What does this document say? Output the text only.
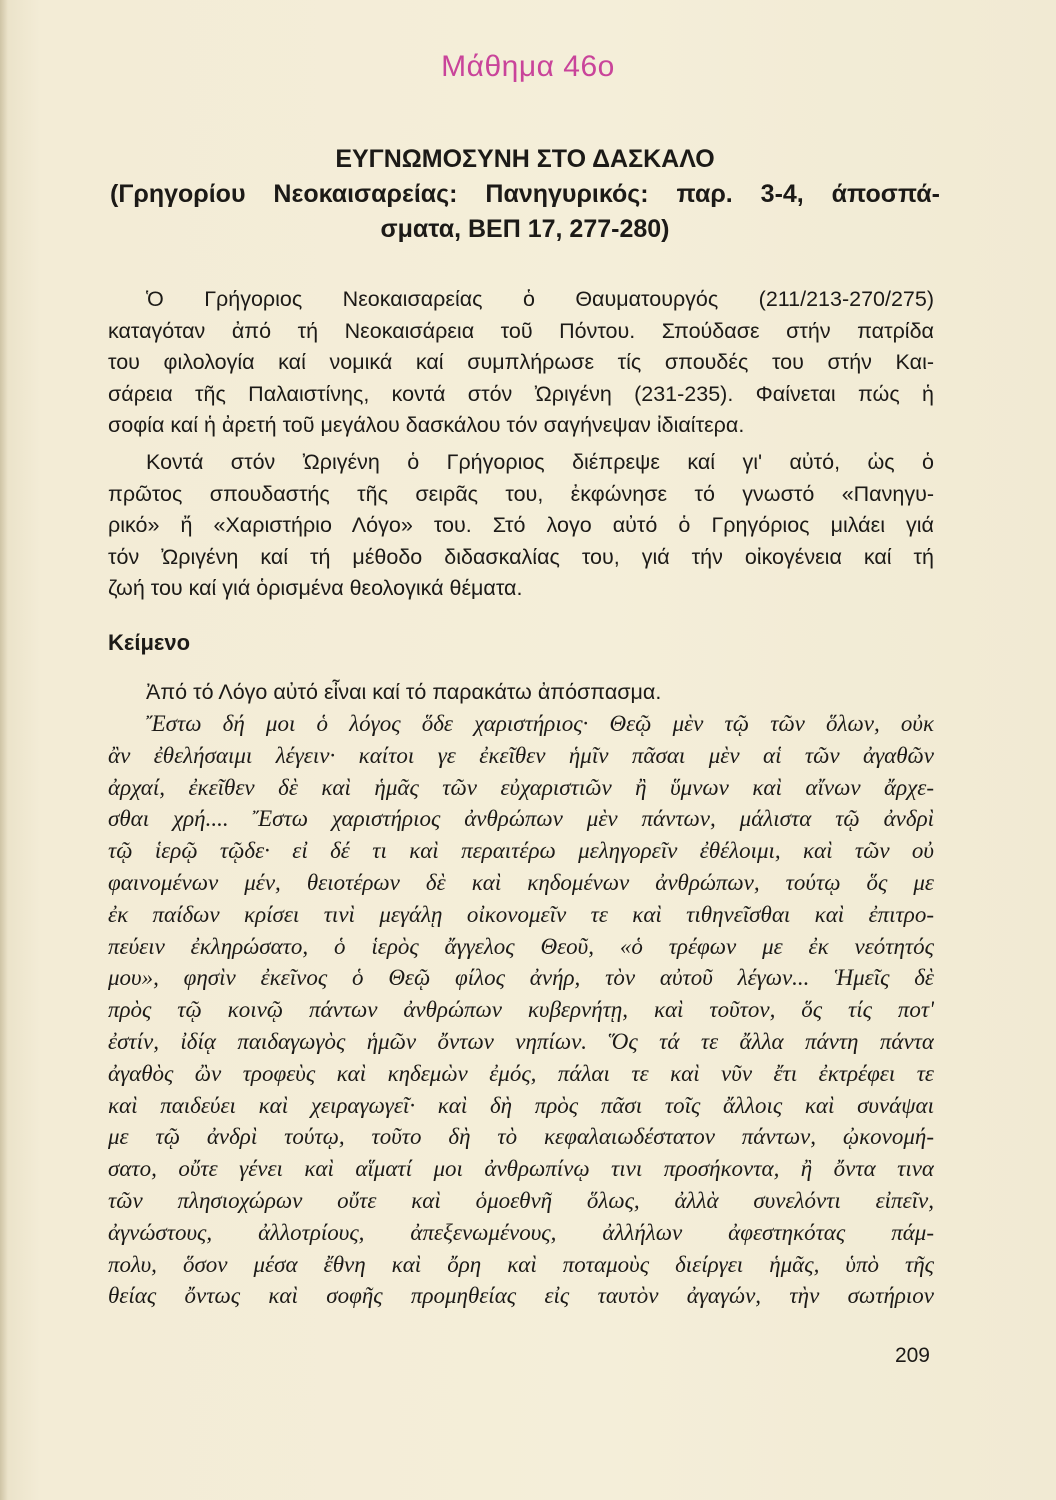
Μάθημα 46ο
ΕΥΓΝΩΜΟΣΥΝΗ ΣΤΟ ΔΑΣΚΑΛΟ
(Γρηγορίου Νεοκαισαρείας: Πανηγυρικός: παρ. 3-4, άποσπά-
σματα, ΒΕΠ 17, 277-280)
Ὁ Γρήγοριος Νεοκαισαρείας ὁ Θαυματουργός (211/213-270/275)
καταγόταν ἀπό τή Νεοκαισάρεια τοῦ Πόντου. Σπούδασε στήν πατρίδα
του φιλολογία καί νομικά καί συμπλήρωσε τίς σπουδές του στήν Και-
σάρεια τῆς Παλαιστίνης, κοντά στόν Ὠριγένη (231-235). Φαίνεται πώς ἡ
σοφία καί ἡ ἀρετή τοῦ μεγάλου δασκάλου τόν σαγήνεψαν ἰδιαίτερα.
Κοντά στόν Ὠριγένη ὁ Γρήγοριος διέπρεψε καί γι' αὐτό, ὡς ὁ
πρῶτος σπουδαστής τῆς σειρᾶς του, ἐκφώνησε τό γνωστό «Πανηγυ-
ρικό» ἤ «Χαριστήριο Λόγο» του. Στό λογο αὐτό ὁ Γρηγόριος μιλάει γιά
τόν Ὠριγένη καί τή μέθοδο διδασκαλίας του, γιά τήν οἰκογένεια καί τή
ζωή του καί γιά ὁρισμένα θεολογικά θέματα.
Κείμενο
Ἀπό τό Λόγο αὐτό εἶναι καί τό παρακάτω ἀπόσπασμα.
Ἔστω δή μοι ὁ λόγος ὅδε χαριστήριος· Θεῷ μὲν τῷ τῶν ὅλων, οὐκ
ἂν ἐθελήσαιμι λέγειν· καίτοι γε ἐκεῖθεν ἡμῖν πᾶσαι μὲν αἱ τῶν ἀγαθῶν
ἀρχαί, ἐκεῖθεν δὲ καὶ ἡμᾶς τῶν εὐχαριστιῶν ἢ ὕμνων καὶ αἴνων ἄρχε-
σθαι χρή.... Ἔστω χαριστήριος ἀνθρώπων μὲν πάντων, μάλιστα τῷ ἀνδρὶ
τῷ ἱερῷ τῷδε· εἰ δέ τι καὶ περαιτέρω μεληγορεῖν ἐθέλοιμι, καὶ τῶν οὐ
φαινομένων μέν, θειοτέρων δὲ καὶ κηδομένων ἀνθρώπων, τούτῳ ὅς με
ἐκ παίδων κρίσει τινὶ μεγάλῃ οἰκονομεῖν τε καὶ τιθηνεῖσθαι καὶ ἐπιτρο-
πεύειν ἐκληρώσατο, ὁ ἱερὸς ἄγγελος Θεοῦ, «ὁ τρέφων με ἐκ νεότητός
μου», φησὶν ἐκεῖνος ὁ Θεῷ φίλος ἀνήρ, τὸν αὐτοῦ λέγων... Ἡμεῖς δὲ
πρὸς τῷ κοινῷ πάντων ἀνθρώπων κυβερνήτῃ, καὶ τοῦτον, ὅς τίς ποτ'
ἐστίν, ἰδίᾳ παιδαγωγὸς ἡμῶν ὄντων νηπίων. Ὅς τά τε ἄλλα πάντη πάντα
ἀγαθὸς ὢν τροφεὺς καὶ κηδεμὼν ἐμός, πάλαι τε καὶ νῦν ἔτι ἐκτρέφει τε
καὶ παιδεύει καὶ χειραγωγεῖ· καὶ δὴ πρὸς πᾶσι τοῖς ἄλλοις καὶ συνάψαι
με τῷ ἀνδρὶ τούτῳ, τοῦτο δὴ τὸ κεφαλαιωδέστατον πάντων, ᾠκονομή-
σατο, οὔτε γένει καὶ αἵματί μοι ἀνθρωπίνῳ τινι προσήκοντα, ἢ ὄντα τινα
τῶν πλησιοχώρων οὔτε καὶ ὁμοεθνῆ ὅλως, ἀλλὰ συνελόντι εἰπεῖν,
ἀγνώστους, ἀλλοτρίους, ἀπεξενωμένους, ἀλλήλων ἀφεστηκότας πάμ-
πολυ, ὅσον μέσα ἔθνη καὶ ὄρη καὶ ποταμοὺς διείργει ἡμᾶς, ὑπὸ τῆς
θείας ὄντως καὶ σοφῆς προμηθείας εἰς ταυτὸν ἀγαγών, τὴν σωτήριον
209
